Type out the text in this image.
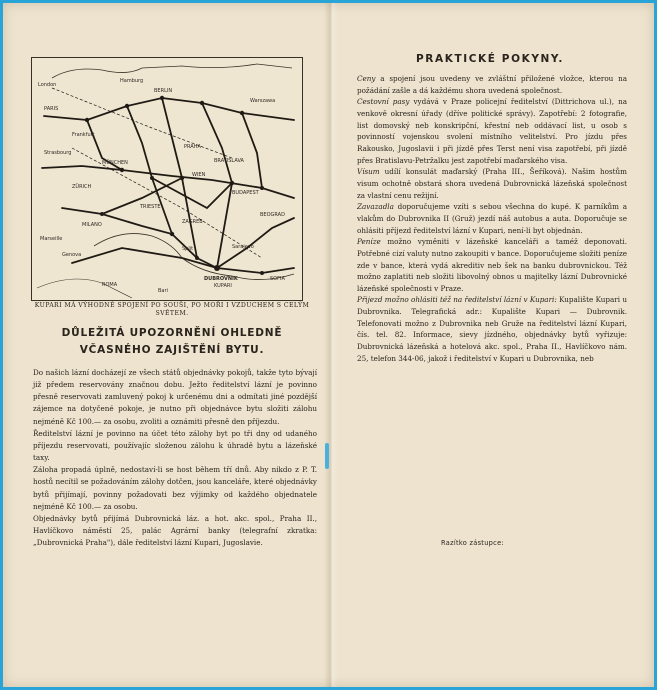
BERLIN
PARIS
WIEN
BUDAPEST
MÜNCHEN
ZÜRICH
PRAHA
TRIESTE
ZAGREB
MILANO
ROMA
BEOGRAD
DUBROVNIK
KUPARI
SOFIA
BRATISLAVA
Hamburg
London
Frankfurt
Strasbourg
Marseille
Genova
Bari
Sarajevo
Split
Warszawa
KUPARI MÁ VÝHODNÉ SPOJENÍ PO SOUŠI, PO MOŘI I VZDUCHEM S CELÝM SVĚTEM.
DŮLEŽITÁ UPOZORNĚNÍ OHLEDNĚ VČASNÉHO ZAJIŠTĚNÍ BYTU.

Do našich lázní docházejí ze všech států objednávky pokojů, takže tyto bývají již předem reservovány značnou dobu. Ježto ředitelství lázní je povinno přesně reservovati zamluvený pokoj k určenému dni a odmítati jiné pozdější zájemce na dotyčené pokoje, je nutno při objednávce bytu složiti zálohu nejméně Kč 100.— za osobu, zvoliti a oznámiti přesně den příjezdu.

Ředitelství lázní je povinno na účet této zálohy byt po tři dny od udaného příjezdu reservovati, používajíc složenou zálohu k úhradě bytu a lázeňské taxy.

Záloha propadá úplně, nedostaví-li se host během tří dnů. Aby nikdo z P. T. hostů necítil se požadováním zálohy dotčen, jsou kanceláře, které objednávky bytů přijímají, povinny požadovati bez výjimky od každého objednatele nejméně Kč 100.— za osobu.

Objednávky bytů přijímá Dubrovnická láz. a hot. akc. spol., Praha II., Havlíčkovo náměstí 25, palác Agrární banky (telegrafní zkratka: „Dubrovnická Praha"), dále ředitelství lázní Kupari, Jugoslavie.

PRAKTICKÉ POKYNY.

Ceny a spojení jsou uvedeny ve zvláštní přiložené vložce, kterou na požádání zašle a dá každému shora uvedená společnost.

Cestovní pasy vydává v Praze policejní ředitelství (Dittrichova ul.), na venkově okresní úřady (dříve politické správy). Zapotřebí: 2 fotografie, list domovský neb konskripční, křestní neb oddávací list, u osob s povinností vojenskou svolení místního velitelství. Pro jízdu přes Rakousko, Jugoslavii i při jízdě přes Terst není visa zapotřebí, při jízdě přes Bratislavu-Petržalku jest zapotřebí maďarského visa.

Vísum udílí konsulát maďarský (Praha III., Šeříková). Našim hostům visum ochotně obstará shora uvedená Dubrovnická lázeňská společnost za vlastní cenu režijní.

Zavazadla doporučujeme vzíti s sebou všechna do kupé. K parníkům a vlakům do Dubrovnika II (Gruž) jezdí náš autobus a auta. Doporučuje se ohlásiti příjezd ředitelství lázní v Kupari, není-li byt objednán.

Peníze možno vyměniti v lázeňské kanceláři a taméž deponovati. Potřebné cizí valuty nutno zakoupiti v bance. Doporučujeme složiti peníze zde v bance, která vydá akreditiv neb šek na banku dubrovnickou. Též možno zaplatiti neb složiti libovolný obnos u majitelky lázní Dubrovnické lázeňské společnosti v Praze.

Přijezd možno ohlásiti též na ředitelství lázní v Kupari: Kupalište Kupari u Dubrovnika. Telegrafická adr.: Kupalište Kupari — Dubrovnik. Telefonovati možno z Dubrovnika neb Gruže na ředitelství lázní Kupari, čís. tel. 82. Informace, sievy jízdného, objednávky bytů vyřizuje: Dubrovnická lázeňská a hotelová akc. spol., Praha II., Havlíčkovo nám. 25, telefon 344-06, jakož i ředitelství v Kupari u Dubrovnika, neb

Razítko zástupce:
